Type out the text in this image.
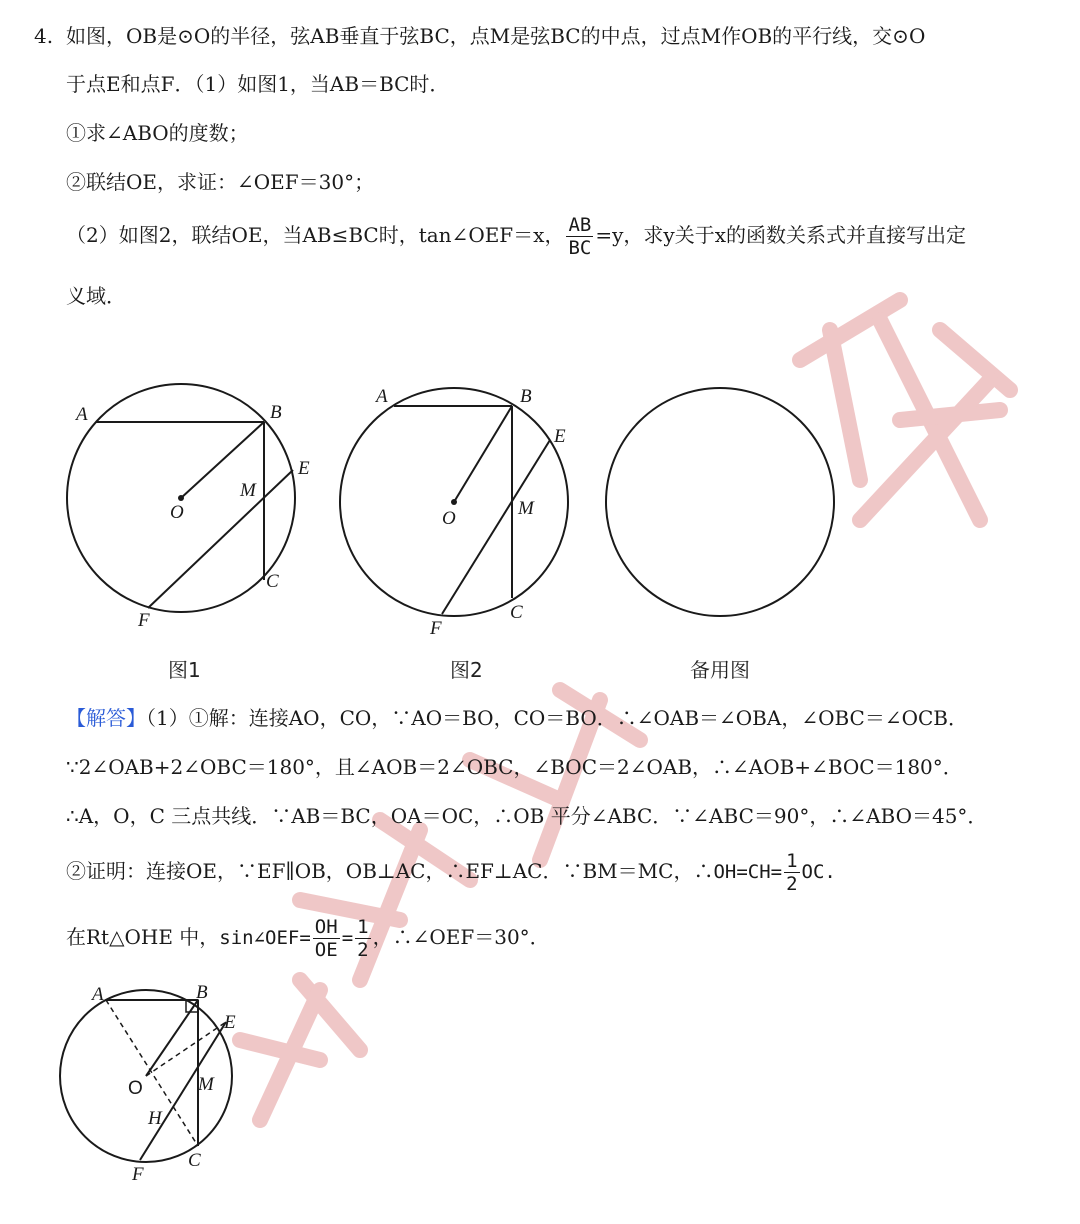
4. 如图，OB是⊙O的半径，弦AB垂直于弦BC，点M是弦BC的中点，过点M作OB的平行线，交⊙O
于点E和点F．（1）如图1，当AB＝BC时．
①求∠ABO的度数；
②联结OE，求证：∠OEF＝30°；
（2）如图2，联结OE，当AB≤BC时，tan∠OEF＝x， $\frac{AB}{BC} =y$，求y关于x的函数关系式并直接写出定
义域．
A	B
E
M
O
C
F
图1
A	B
E
M
O
C
F
图2	备用图
【解答】（1）①解：连接AO，CO，∵AO＝BO，CO＝BO．∴∠OAB＝∠OBA，∠OBC＝∠OCB．
∵2∠OAB+2∠OBC＝180°，且∠AOB＝2∠OBC，∠BOC＝2∠OAB，∴∠AOB+∠BOC＝180°．
∴A，O，C 三点共线．∵AB＝BC，OA＝OC，∴OB 平分∠ABC．∵∠ABC＝90°，∴∠ABO＝45°．
②证明：连接OE，∵EF∥OB，OB⊥AC，∴EF⊥AC．∵BM＝MC，∴OH=CH= $\frac{1}{2}$ OC.
在Rt△OHE 中，sin∠OEF= $\frac{OH}{OE} = \frac{1}{2}$ ，∴∠OEF＝30°．
A	B
E
M
O
H
C
F
